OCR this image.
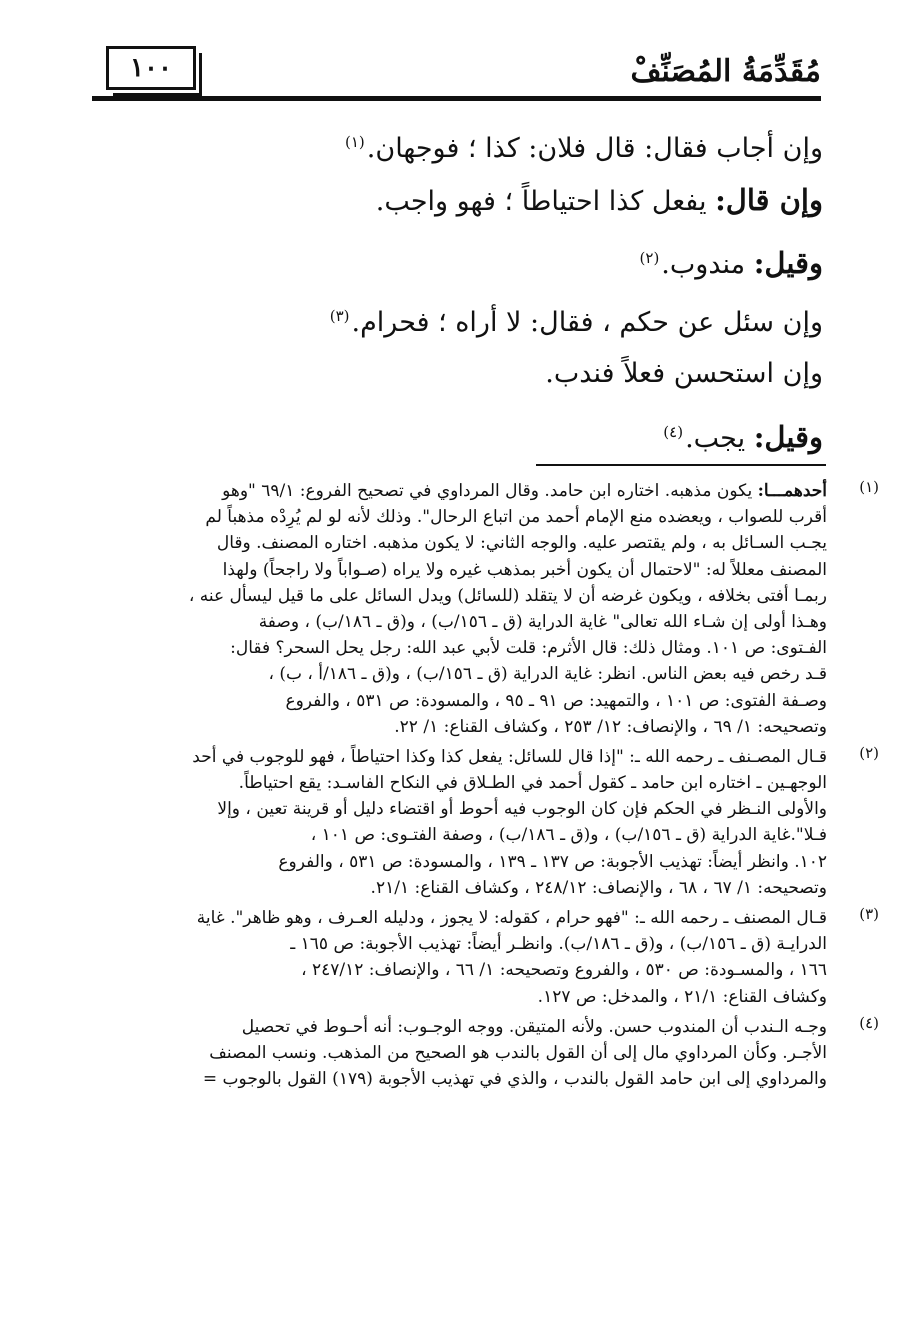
١٠٠	مُقَدِّمَةُ المُصَنِّفْ
وإن أجاب فقال: قال فلان: كذا ؛ فوجهان.$^{(١)}$
وإن قال: يفعل كذا احتياطاً ؛ فهو واجب.
وقيل: مندوب.$^{(٢)}$
وإن سئل عن حكم ، فقال: لا أراه ؛ فحرام.$^{(٣)}$
وإن استحسن فعلاً فندب.
وقيل: يجب.$^{(٤)}$
(١)
أحدهمـــا: يكون مذهبه. اختاره ابن حامد. وقال المرداوي في تصحيح الفروع: ٦٩/١ "وهو
أقرب للصواب ، ويعضده منع الإمام أحمد من اتباع الرحال". وذلك لأنه لو لم يُرِدْه مذهباً لم
يجـب السـائل به ، ولم يقتصر عليه. والوجه الثاني: لا يكون مذهبه. اختاره المصنف. وقال
المصنف معللاً له: "لاحتمال أن يكون أخبر بمذهب غيره ولا يراه (صـواباً ولا راجحاً) ولهذا
ربمـا أفتى بخلافه ، ويكون غرضه أن لا يتقلد (للسائل) ويدل السائل على ما قيل ليسأل عنه ،
وهـذا أولى إن شـاء الله تعالى" غاية الدراية (ق ـ ١٥٦/ب) ، و(ق ـ ١٨٦/ب) ، وصفة
الفـتوى: ص ١٠١. ومثال ذلك: قال الأثرم: قلت لأبي عبد الله: رجل يحل السحر؟ فقال:
قـد رخص فيه بعض الناس. انظر: غاية الدراية (ق ـ ١٥٦/ب) ، و(ق ـ ١٨٦/أ ، ب) ،
وصـفة الفتوى: ص ١٠١ ، والتمهيد: ص ٩١ ـ ٩٥ ، والمسودة: ص ٥٣١ ، والفروع
وتصحيحه: ١/ ٦٩ ، والإنصاف: ١٢/ ٢٥٣ ، وكشاف القناع: ١/ ٢٢.
(٢)
قـال المصـنف ـ رحمه الله ـ: "إذا قال للسائل: يفعل كذا وكذا احتياطاً ، فهو للوجوب في أحد
الوجهـين ـ اختاره ابن حامد ـ كقول أحمد في الطـلاق في النكاح الفاسـد: يقع احتياطاً.
والأولى النـظر في الحكم فإن كان الوجوب فيه أحوط أو اقتضاء دليل أو قرينة تعين ، وإلا
فـلا".غاية الدراية (ق ـ ١٥٦/ب) ، و(ق ـ ١٨٦/ب) ، وصفة الفتـوى: ص ١٠١ ،
١٠٢. وانظر أيضاً: تهذيب الأجوبة: ص ١٣٧ ـ ١٣٩ ، والمسودة: ص ٥٣١ ، والفروع
وتصحيحه: ١/ ٦٧ ، ٦٨ ، والإنصاف: ٢٤٨/١٢ ، وكشاف القناع: ٢١/١.
(٣)
قـال المصنف ـ رحمه الله ـ: "فهو حرام ، كقوله: لا يجوز ، ودليله العـرف ، وهو ظاهر". غاية
الدرايـة (ق ـ ١٥٦/ب) ، و(ق ـ ١٨٦/ب). وانظـر أيضاً: تهذيب الأجوبة: ص ١٦٥ ـ
١٦٦ ، والمسـودة: ص ٥٣٠ ، والفروع وتصحيحه: ١/ ٦٦ ، والإنصاف: ٢٤٧/١٢ ،
وكشاف القناع: ٢١/١ ، والمدخل: ص ١٢٧.
(٤)
وجـه الـندب أن المندوب حسن. ولأنه المتيقن. ووجه الوجـوب: أنه أحـوط في تحصيل
الأجـر. وكأن المرداوي مال إلى أن القول بالندب هو الصحيح من المذهب. ونسب المصنف
والمرداوي إلى ابن حامد القول بالندب ، والذي في تهذيب الأجوبة (١٧٩) القول بالوجوب =
